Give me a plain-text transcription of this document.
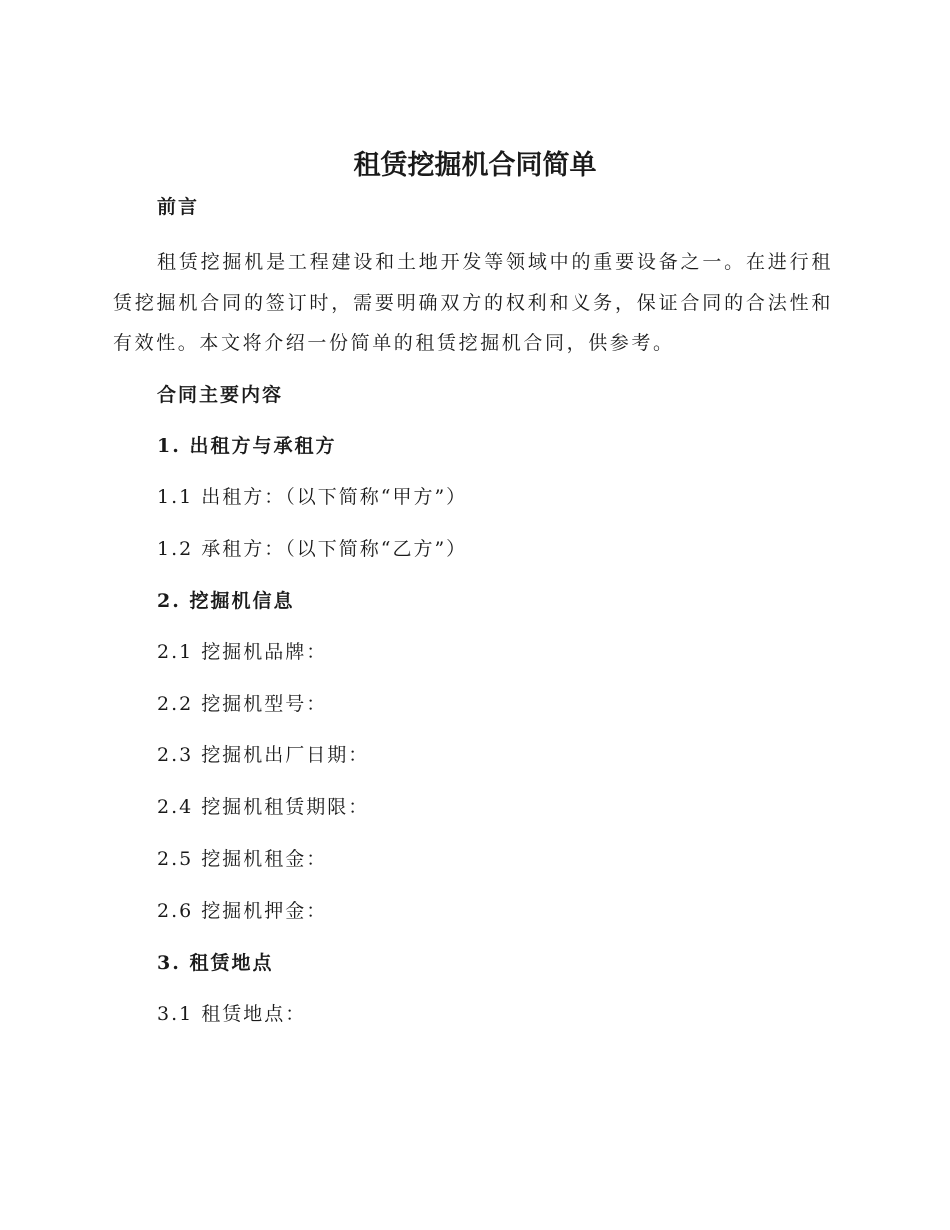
租赁挖掘机合同简单
前言
租赁挖掘机是工程建设和土地开发等领域中的重要设备之一。在进行租赁挖掘机合同的签订时，需要明确双方的权利和义务，保证合同的合法性和有效性。本文将介绍一份简单的租赁挖掘机合同，供参考。
合同主要内容
1. 出租方与承租方
1.1 出租方：（以下简称“甲方”）
1.2 承租方：（以下简称“乙方”）
2. 挖掘机信息
2.1 挖掘机品牌：
2.2 挖掘机型号：
2.3 挖掘机出厂日期：
2.4 挖掘机租赁期限：
2.5 挖掘机租金：
2.6 挖掘机押金：
3. 租赁地点
3.1 租赁地点：
